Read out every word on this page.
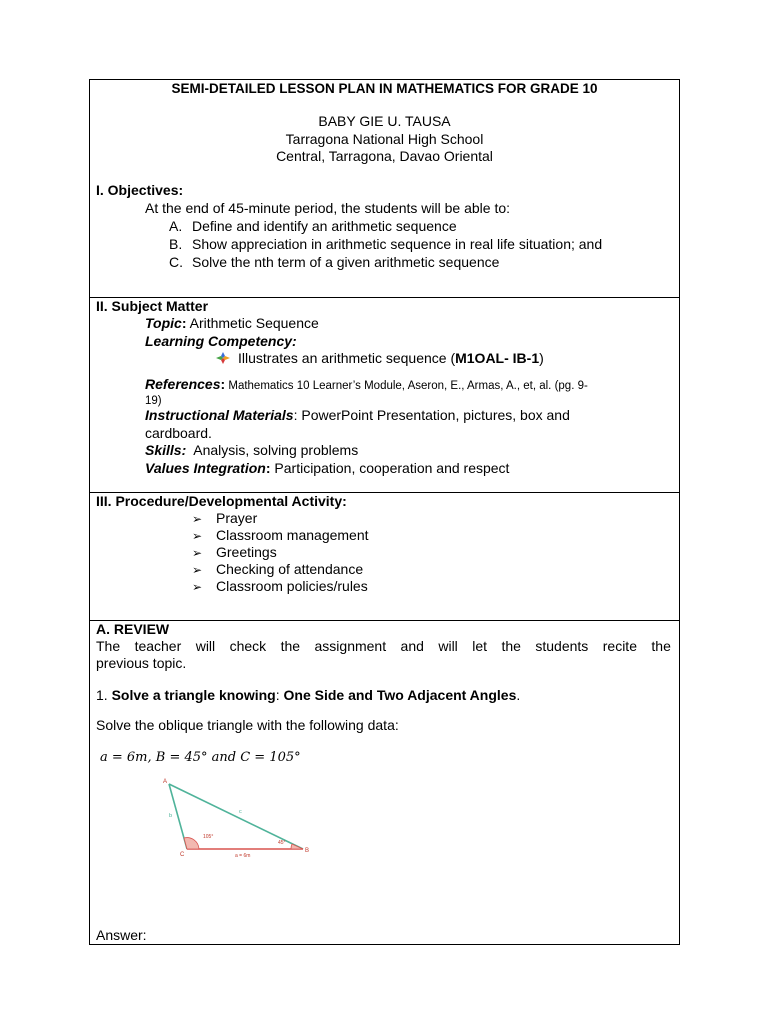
SEMI-DETAILED LESSON PLAN IN MATHEMATICS FOR GRADE 10
BABY GIE U. TAUSA
Tarragona National High School
Central, Tarragona, Davao Oriental
I. Objectives:
At the end of 45-minute period, the students will be able to:
A. Define and identify an arithmetic sequence
B. Show appreciation in arithmetic sequence in real life situation; and
C. Solve the nth term of a given arithmetic sequence
II. Subject Matter
Topic: Arithmetic Sequence
Learning Competency:
Illustrates an arithmetic sequence (M1OAL- IB-1)
References: Mathematics 10 Learner’s Module, Aseron, E., Armas, A., et, al. (pg. 9-
19)
Instructional Materials: PowerPoint Presentation, pictures, box and
cardboard.
Skills:  Analysis, solving problems
Values Integration: Participation, cooperation and respect
III. Procedure/Developmental Activity:
➢ Prayer
➢ Classroom management
➢ Greetings
➢ Checking of attendance
➢ Classroom policies/rules
A. REVIEW
The teacher will check the assignment and will let the students recite the
previous topic.
1. Solve a triangle knowing: One Side and Two Adjacent Angles.
Solve the oblique triangle with the following data:
a = 6m, B = 45° and C = 105°
A
B
C
b
c
a = 6m
105°
45°
Answer:
